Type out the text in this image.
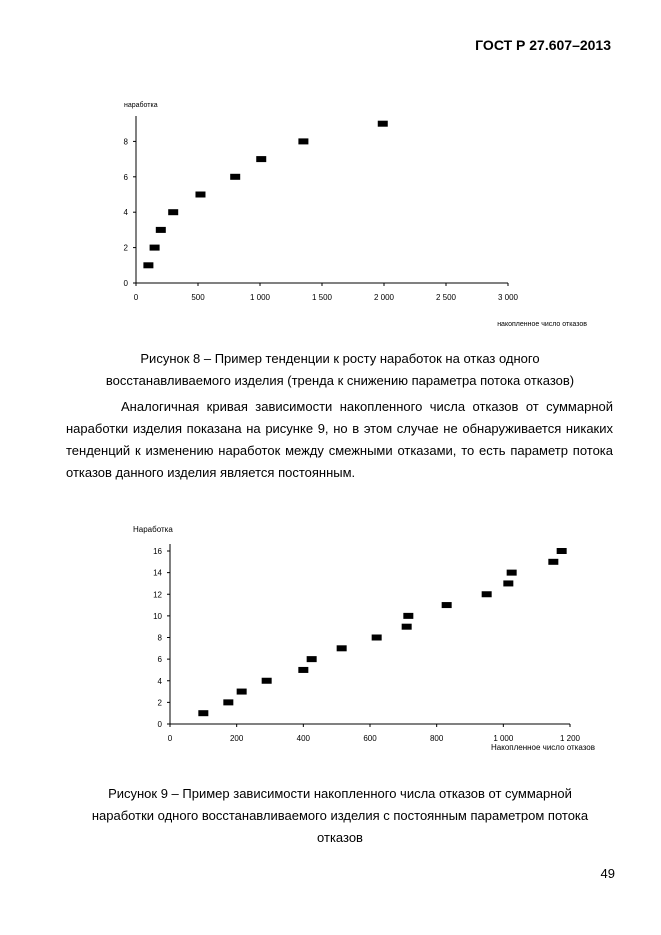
ГОСТ Р 27.607–2013
0
2
4
6
8
0	500	1 000	1 500	2 000	2 500	3 000
наработка
накопленное число отказов
Рисунок 8 – Пример тенденции к росту наработок на отказ одного
восстанавливаемого изделия (тренда к снижению параметра потока отказов)
Аналогичная кривая зависимости накопленного числа отказов от суммарной наработки изделия показана на рисунке 9, но в этом случае не обнаруживается никаких тенденций к изменению наработок между смежными отказами, то есть параметр потока отказов данного изделия является постоянным.
0
2
4
6
8
10
12
14
16
0	200	400	600	800	1 000	1 200
Наработка
Накопленное число отказов
Рисунок 9 – Пример зависимости накопленного числа отказов от суммарной
наработки одного восстанавливаемого изделия с постоянным параметром потока
отказов
49
